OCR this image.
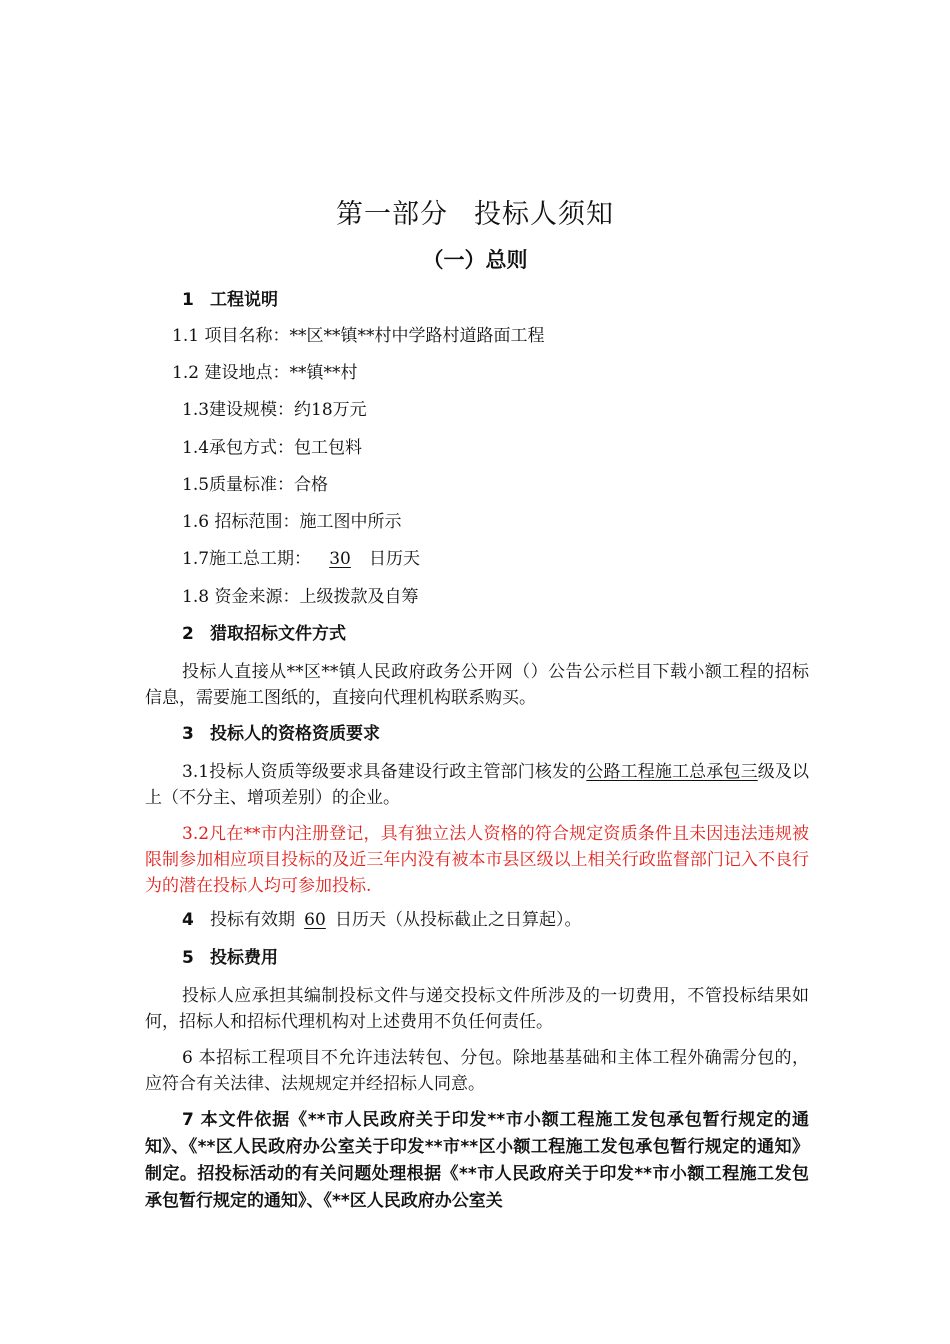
第一部分 投标人须知
（一）总则
1 工程说明
1.1 项目名称：**区**镇**村中学路村道路面工程
1.2 建设地点：**镇**村
1.3建设规模：约18万元
1.4承包方式：包工包料
1.5质量标准：合格
1.6 招标范围：施工图中所示
1.7施工总工期： 30 日历天
1.8 资金来源：上级拨款及自筹
2 猎取招标文件方式
投标人直接从**区**镇人民政府政务公开网（）公告公示栏目下载小额工程的招标信息，需要施工图纸的，直接向代理机构联系购买。
3 投标人的资格资质要求
3.1投标人资质等级要求具备建设行政主管部门核发的公路工程施工总承包三级及以上（不分主、增项差别）的企业。
3.2凡在**市内注册登记，具有独立法人资格的符合规定资质条件且未因违法违规被限制参加相应项目投标的及近三年内没有被本市县区级以上相关行政监督部门记入不良行为的潜在投标人均可参加投标.
4 投标有效期 60 日历天（从投标截止之日算起）。
5 投标费用
投标人应承担其编制投标文件与递交投标文件所涉及的一切费用，不管投标结果如何，招标人和招标代理机构对上述费用不负任何责任。
6 本招标工程项目不允许违法转包、分包。除地基基础和主体工程外确需分包的，应符合有关法律、法规规定并经招标人同意。
7 本文件依据《**市人民政府关于印发**市小额工程施工发包承包暂行规定的通知》、《**区人民政府办公室关于印发**市**区小额工程施工发包承包暂行规定的通知》制定。招投标活动的有关问题处理根据《**市人民政府关于印发**市小额工程施工发包承包暂行规定的通知》、《**区人民政府办公室关
